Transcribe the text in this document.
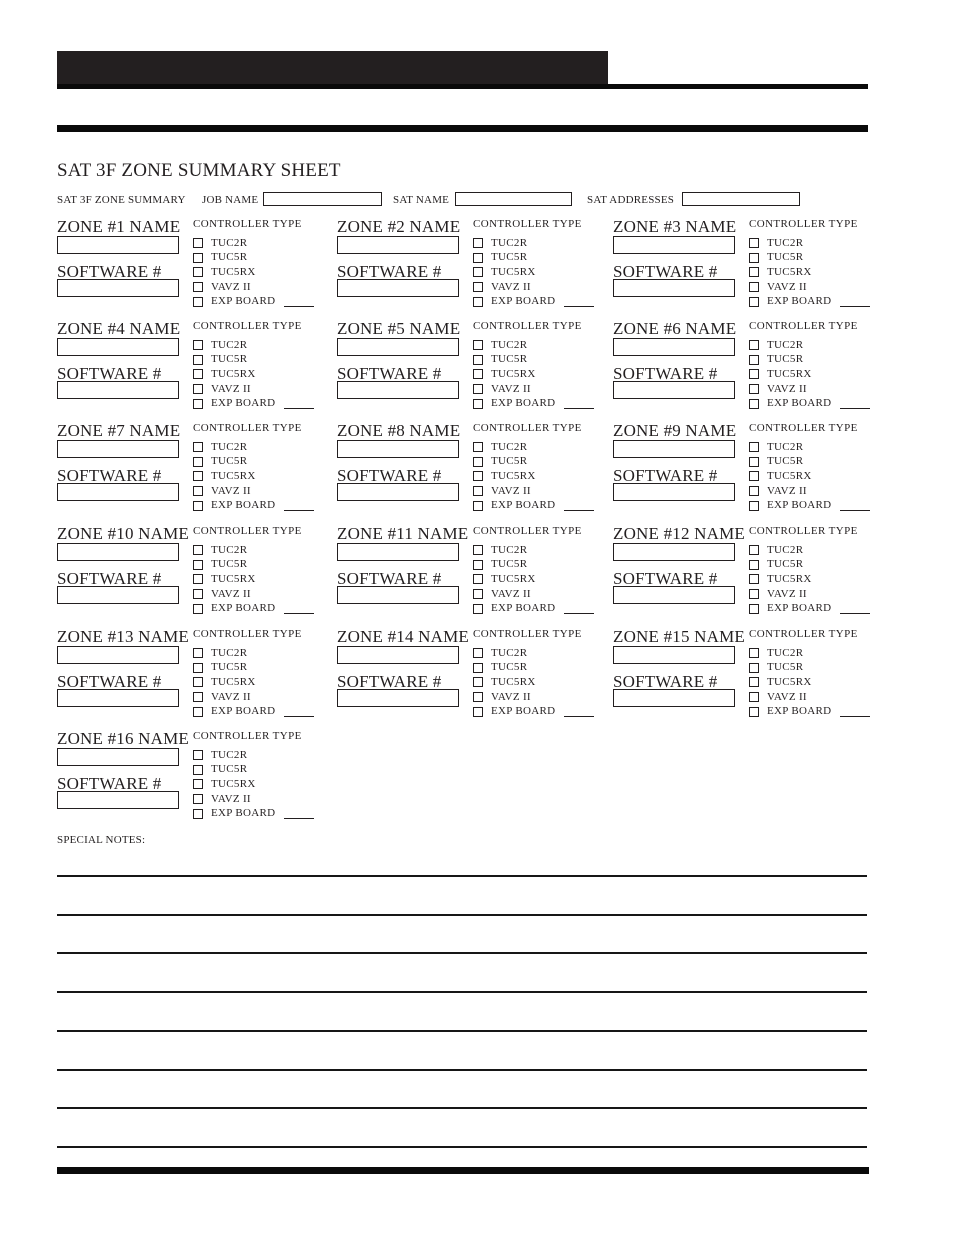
SAT 3F ZONE SUMMARY SHEET
SAT 3F ZONE SUMMARY JOB NAME	SAT NAME	SAT ADDRESSES
ZONE #1 NAME
SOFTWARE #
CONTROLLER TYPE
TUC2R
TUC5R
TUC5RX
VAVZ II
EXP BOARD
ZONE #2 NAME
SOFTWARE #
CONTROLLER TYPE
TUC2R
TUC5R
TUC5RX
VAVZ II
EXP BOARD
ZONE #3 NAME
SOFTWARE #
CONTROLLER TYPE
TUC2R
TUC5R
TUC5RX
VAVZ II
EXP BOARD
ZONE #4 NAME
SOFTWARE #
CONTROLLER TYPE
TUC2R
TUC5R
TUC5RX
VAVZ II
EXP BOARD
ZONE #5 NAME
SOFTWARE #
CONTROLLER TYPE
TUC2R
TUC5R
TUC5RX
VAVZ II
EXP BOARD
ZONE #6 NAME
SOFTWARE #
CONTROLLER TYPE
TUC2R
TUC5R
TUC5RX
VAVZ II
EXP BOARD
ZONE #7 NAME
SOFTWARE #
CONTROLLER TYPE
TUC2R
TUC5R
TUC5RX
VAVZ II
EXP BOARD
ZONE #8 NAME
SOFTWARE #
CONTROLLER TYPE
TUC2R
TUC5R
TUC5RX
VAVZ II
EXP BOARD
ZONE #9 NAME
SOFTWARE #
CONTROLLER TYPE
TUC2R
TUC5R
TUC5RX
VAVZ II
EXP BOARD
ZONE #10 NAME
SOFTWARE #
CONTROLLER TYPE
TUC2R
TUC5R
TUC5RX
VAVZ II
EXP BOARD
ZONE #11 NAME
SOFTWARE #
CONTROLLER TYPE
TUC2R
TUC5R
TUC5RX
VAVZ II
EXP BOARD
ZONE #12 NAME
SOFTWARE #
CONTROLLER TYPE
TUC2R
TUC5R
TUC5RX
VAVZ II
EXP BOARD
ZONE #13 NAME
SOFTWARE #
CONTROLLER TYPE
TUC2R
TUC5R
TUC5RX
VAVZ II
EXP BOARD
ZONE #14 NAME
SOFTWARE #
CONTROLLER TYPE
TUC2R
TUC5R
TUC5RX
VAVZ II
EXP BOARD
ZONE #15 NAME
SOFTWARE #
CONTROLLER TYPE
TUC2R
TUC5R
TUC5RX
VAVZ II
EXP BOARD
ZONE #16 NAME
SOFTWARE #
CONTROLLER TYPE
TUC2R
TUC5R
TUC5RX
VAVZ II
EXP BOARD
SPECIAL NOTES:
